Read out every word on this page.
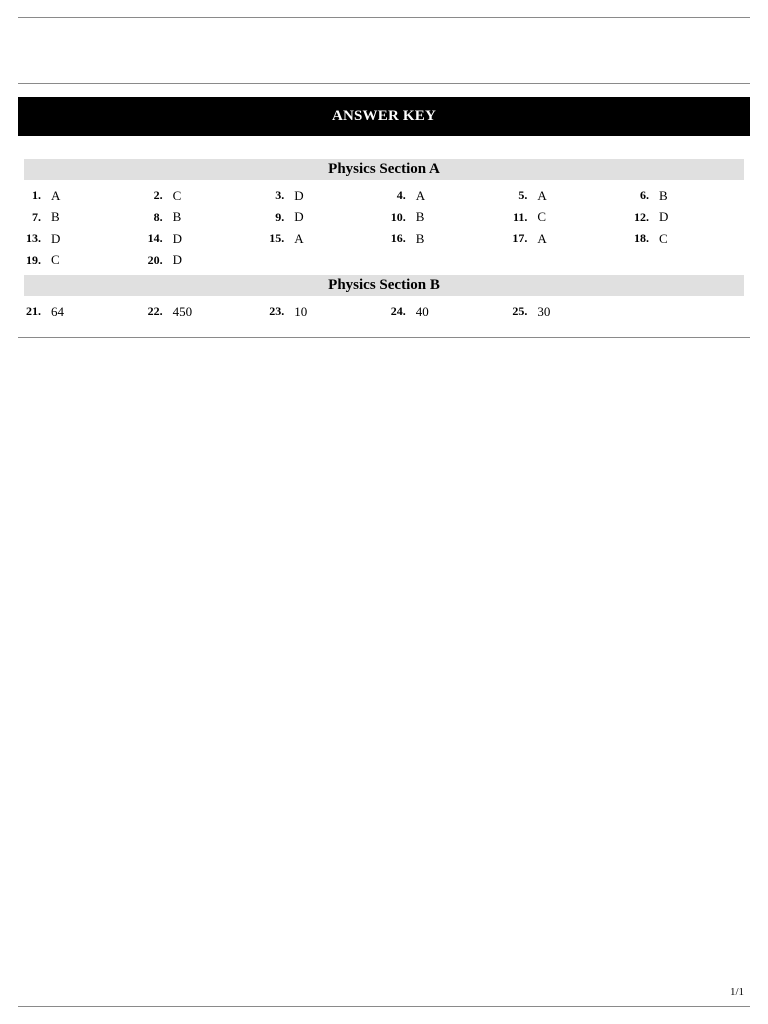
ANSWER KEY
Physics Section A
1. A	2. C	3. D	4. A	5. A	6. B
7. B	8. B	9. D	10. B	11. C	12. D
13. D	14. D	15. A	16. B	17. A	18. C
19. C	20. D
Physics Section B
21. 64	22. 450	23. 10	24. 40	25. 30
1/1
